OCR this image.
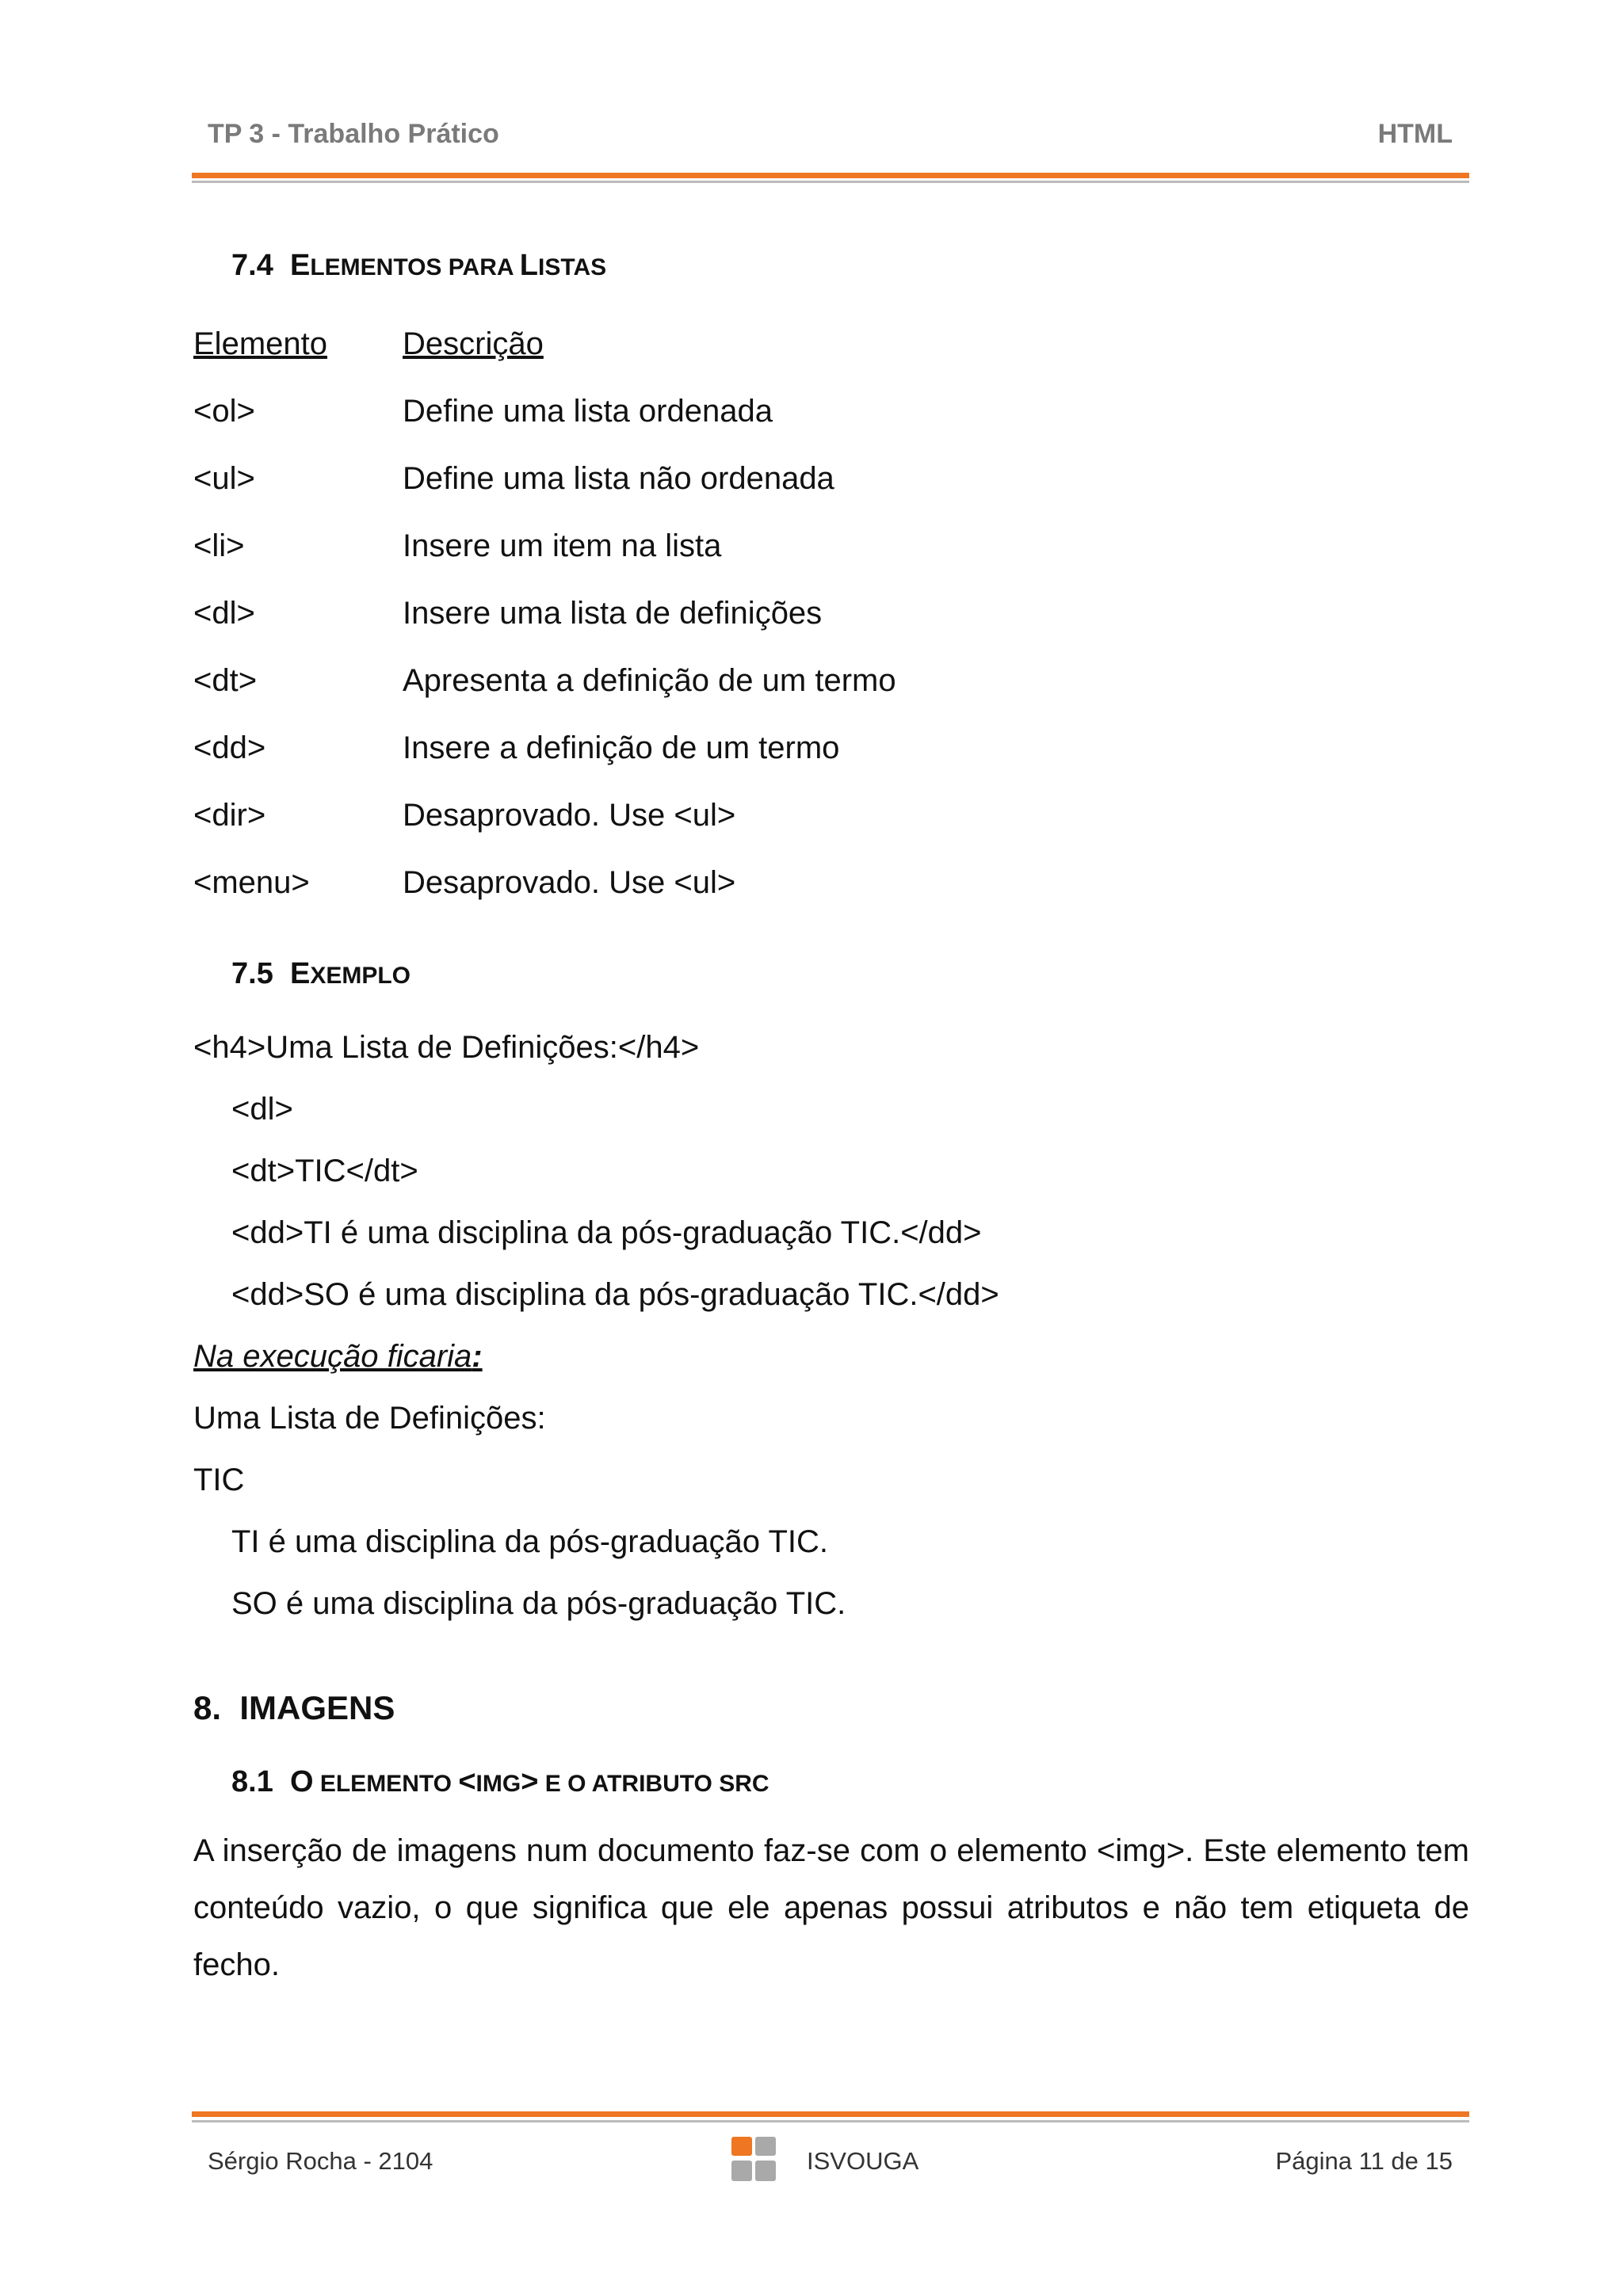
TP 3 - Trabalho Prático	HTML
7.4 ELEMENTOS PARA LISTAS
Elemento Descrição
<ol>	Define uma lista ordenada
<ul>	Define uma lista não ordenada
<li>	Insere um item na lista
<dl>	Insere uma lista de definições
<dt>	Apresenta a definição de um termo
<dd>	Insere a definição de um termo
<dir>	Desaprovado. Use <ul>
<menu>	Desaprovado. Use <ul>
7.5 EXEMPLO
<h4>Uma Lista de Definições:</h4>
<dl>
<dt>TIC</dt>
<dd>TI é uma disciplina da pós-graduação TIC.</dd>
<dd>SO é uma disciplina da pós-graduação TIC.</dd>
Na execução ficaria:
Uma Lista de Definições:
TIC
TI é uma disciplina da pós-graduação TIC.
SO é uma disciplina da pós-graduação TIC.
8. IMAGENS
8.1 O ELEMENTO <IMG> E O ATRIBUTO SRC

A inserção de imagens num documento faz-se com o elemento <img>. Este elemento tem conteúdo vazio, o que significa que ele apenas possui atributos e não tem etiqueta de fecho.

Sérgio Rocha - 2104	ISVOUGA	Página 11 de 15
